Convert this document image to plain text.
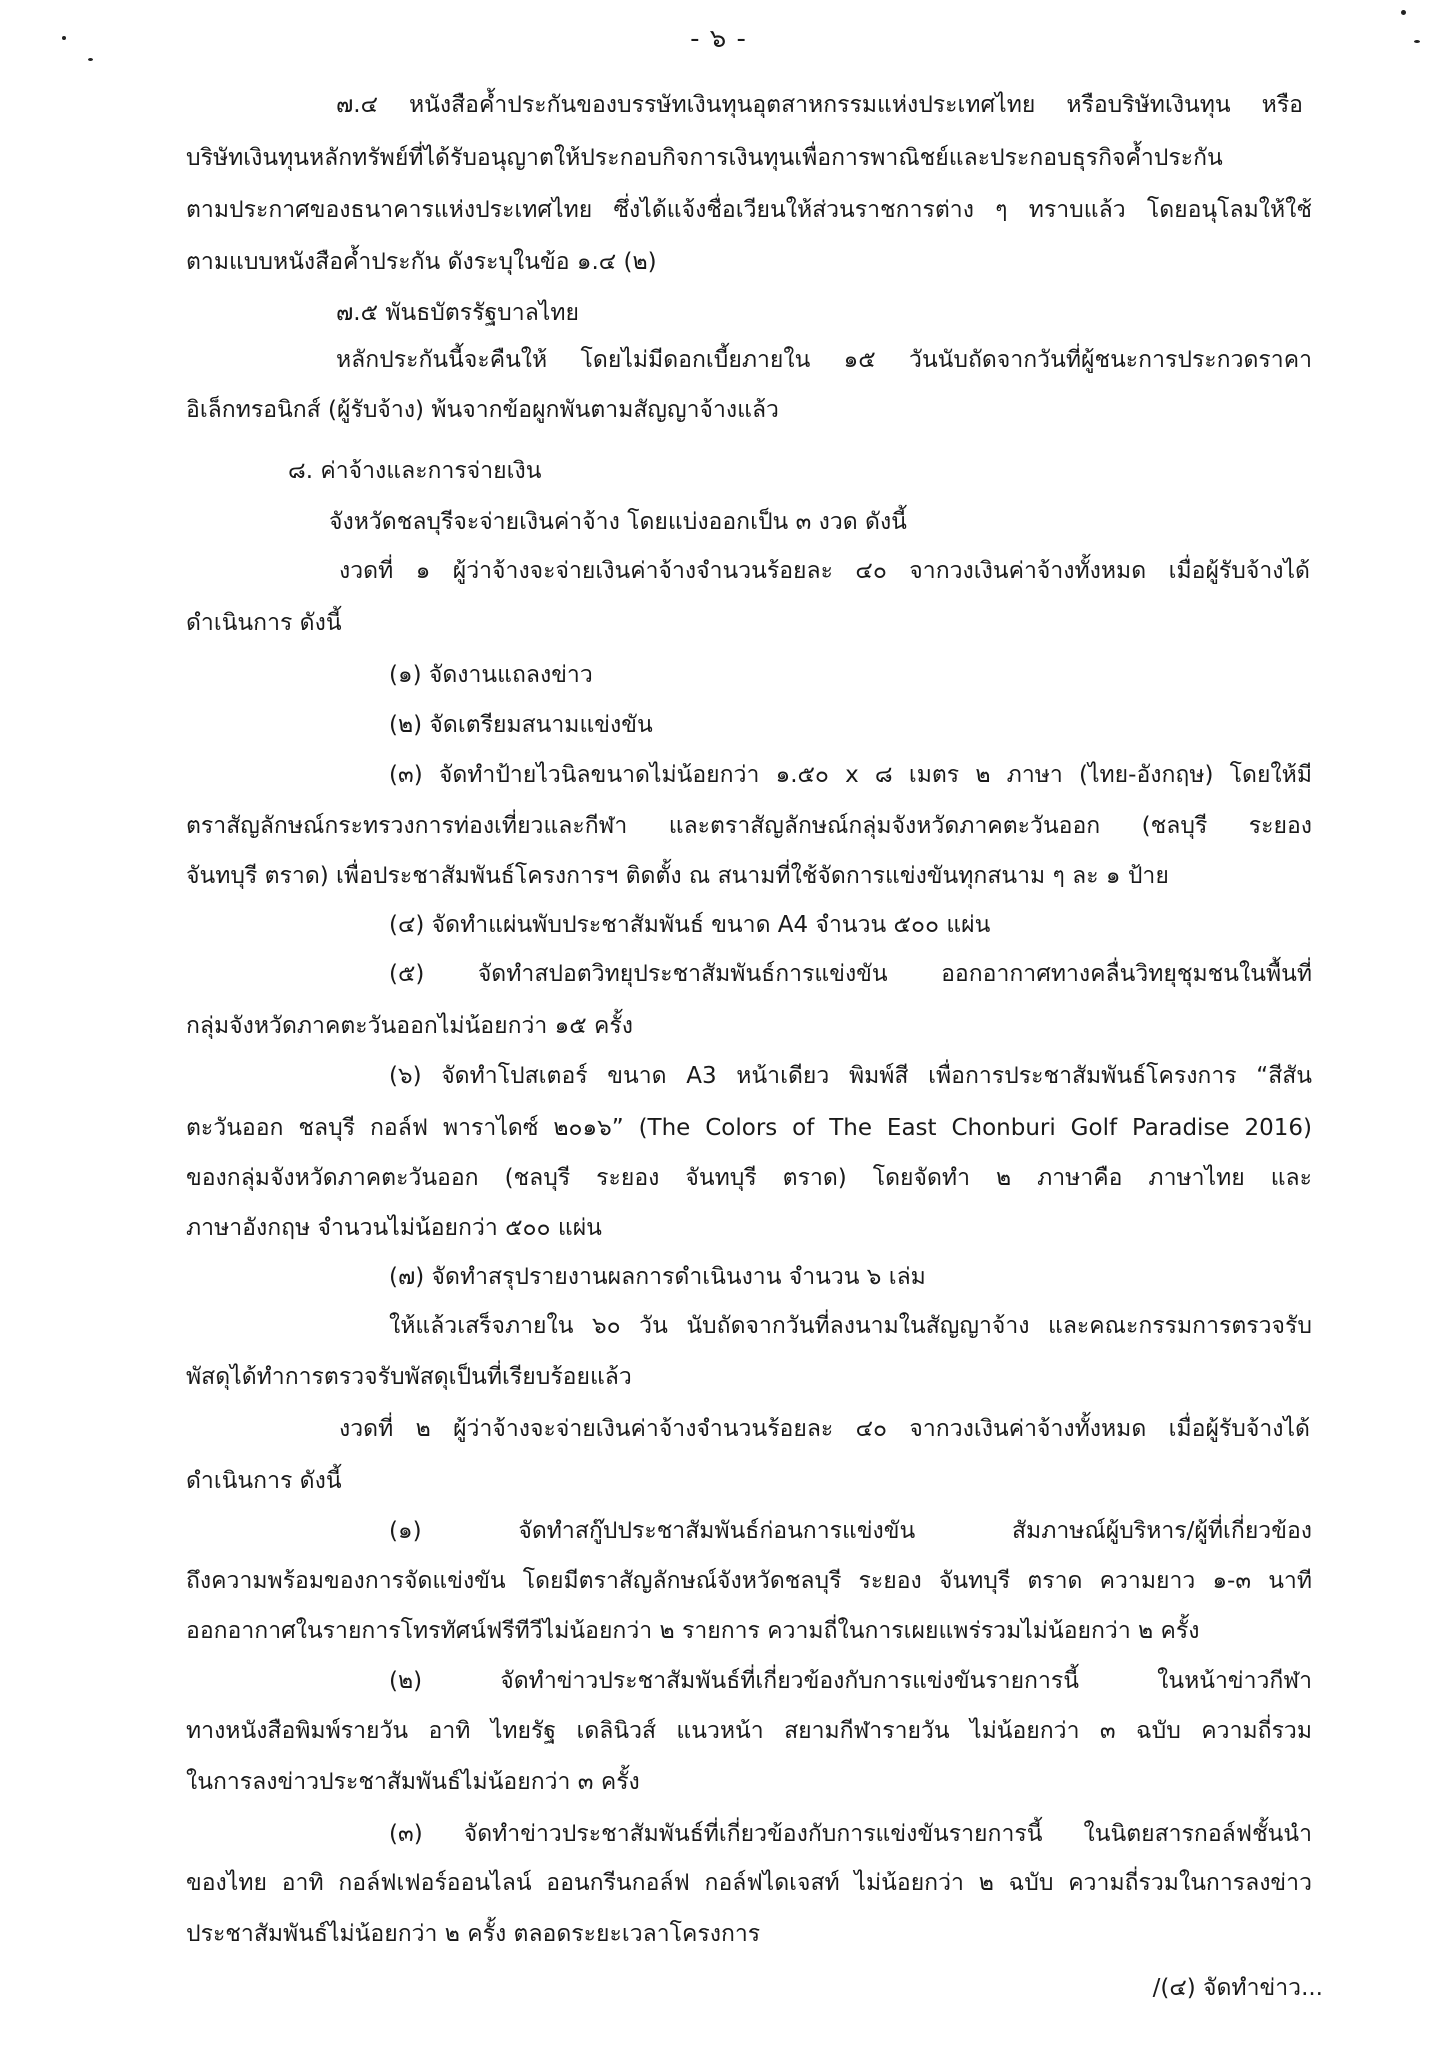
- ๖ -
๗.๔ หนังสือค้ำประกันของบรรษัทเงินทุนอุตสาหกรรมแห่งประเทศไทย หรือบริษัทเงินทุน หรือ
บริษัทเงินทุนหลักทรัพย์ที่ได้รับอนุญาตให้ประกอบกิจการเงินทุนเพื่อการพาณิชย์และประกอบธุรกิจค้ำประกัน
ตามประกาศของธนาคารแห่งประเทศไทย ซึ่งได้แจ้งชื่อเวียนให้ส่วนราชการต่าง ๆ ทราบแล้ว โดยอนุโลมให้ใช้
ตามแบบหนังสือค้ำประกัน ดังระบุในข้อ ๑.๔ (๒)
๗.๕ พันธบัตรรัฐบาลไทย
หลักประกันนี้จะคืนให้ โดยไม่มีดอกเบี้ยภายใน ๑๕ วันนับถัดจากวันที่ผู้ชนะการประกวดราคา
อิเล็กทรอนิกส์ (ผู้รับจ้าง) พ้นจากข้อผูกพันตามสัญญาจ้างแล้ว
๘. ค่าจ้างและการจ่ายเงิน
จังหวัดชลบุรีจะจ่ายเงินค่าจ้าง โดยแบ่งออกเป็น ๓ งวด ดังนี้
งวดที่ ๑ ผู้ว่าจ้างจะจ่ายเงินค่าจ้างจำนวนร้อยละ ๔๐ จากวงเงินค่าจ้างทั้งหมด เมื่อผู้รับจ้างได้
ดำเนินการ ดังนี้
(๑) จัดงานแถลงข่าว
(๒) จัดเตรียมสนามแข่งขัน
(๓) จัดทำป้ายไวนิลขนาดไม่น้อยกว่า ๑.๕๐ x ๘ เมตร ๒ ภาษา (ไทย-อังกฤษ) โดยให้มี
ตราสัญลักษณ์กระทรวงการท่องเที่ยวและกีฬา และตราสัญลักษณ์กลุ่มจังหวัดภาคตะวันออก (ชลบุรี ระยอง
จันทบุรี ตราด) เพื่อประชาสัมพันธ์โครงการฯ ติดตั้ง ณ สนามที่ใช้จัดการแข่งขันทุกสนาม ๆ ละ ๑ ป้าย
(๔) จัดทำแผ่นพับประชาสัมพันธ์ ขนาด A4 จำนวน ๕๐๐ แผ่น
(๕) จัดทำสปอตวิทยุประชาสัมพันธ์การแข่งขัน ออกอากาศทางคลื่นวิทยุชุมชนในพื้นที่
กลุ่มจังหวัดภาคตะวันออกไม่น้อยกว่า ๑๕ ครั้ง
(๖) จัดทำโปสเตอร์ ขนาด A3 หน้าเดียว พิมพ์สี เพื่อการประชาสัมพันธ์โครงการ “สีสัน
ตะวันออก ชลบุรี กอล์ฟ พาราไดซ์ ๒๐๑๖” (The Colors of The East Chonburi Golf Paradise 2016)
ของกลุ่มจังหวัดภาคตะวันออก (ชลบุรี ระยอง จันทบุรี ตราด) โดยจัดทำ ๒ ภาษาคือ ภาษาไทย และ
ภาษาอังกฤษ จำนวนไม่น้อยกว่า ๕๐๐ แผ่น
(๗) จัดทำสรุปรายงานผลการดำเนินงาน จำนวน ๖ เล่ม
ให้แล้วเสร็จภายใน ๖๐ วัน นับถัดจากวันที่ลงนามในสัญญาจ้าง และคณะกรรมการตรวจรับ
พัสดุได้ทำการตรวจรับพัสดุเป็นที่เรียบร้อยแล้ว
งวดที่ ๒ ผู้ว่าจ้างจะจ่ายเงินค่าจ้างจำนวนร้อยละ ๔๐ จากวงเงินค่าจ้างทั้งหมด เมื่อผู้รับจ้างได้
ดำเนินการ ดังนี้
(๑) จัดทำสกู๊ปประชาสัมพันธ์ก่อนการแข่งขัน สัมภาษณ์ผู้บริหาร/ผู้ที่เกี่ยวข้อง
ถึงความพร้อมของการจัดแข่งขัน โดยมีตราสัญลักษณ์จังหวัดชลบุรี ระยอง จันทบุรี ตราด ความยาว ๑-๓ นาที
ออกอากาศในรายการโทรทัศน์ฟรีทีวีไม่น้อยกว่า ๒ รายการ ความถี่ในการเผยแพร่รวมไม่น้อยกว่า ๒ ครั้ง
(๒) จัดทำข่าวประชาสัมพันธ์ที่เกี่ยวข้องกับการแข่งขันรายการนี้ ในหน้าข่าวกีฬา
ทางหนังสือพิมพ์รายวัน อาทิ ไทยรัฐ เดลินิวส์ แนวหน้า สยามกีฬารายวัน ไม่น้อยกว่า ๓ ฉบับ ความถี่รวม
ในการลงข่าวประชาสัมพันธ์ไม่น้อยกว่า ๓ ครั้ง
(๓) จัดทำข่าวประชาสัมพันธ์ที่เกี่ยวข้องกับการแข่งขันรายการนี้ ในนิตยสารกอล์ฟชั้นนำ
ของไทย อาทิ กอล์ฟเฟอร์ออนไลน์ ออนกรีนกอล์ฟ กอล์ฟไดเจสท์ ไม่น้อยกว่า ๒ ฉบับ ความถี่รวมในการลงข่าว
ประชาสัมพันธ์ไม่น้อยกว่า ๒ ครั้ง ตลอดระยะเวลาโครงการ
/(๔) จัดทำข่าว...
